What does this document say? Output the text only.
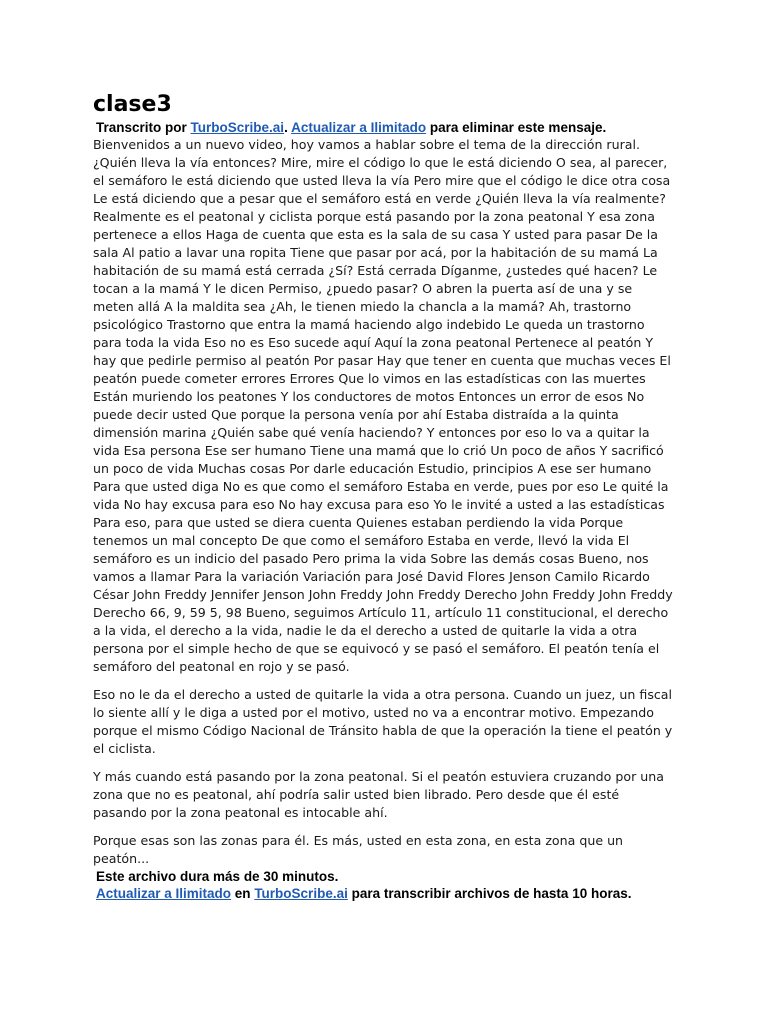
clase3
Transcrito por TurboScribe.ai. Actualizar a Ilimitado para eliminar este mensaje.

Bienvenidos a un nuevo video, hoy vamos a hablar sobre el tema de la dirección rural. ¿Quién lleva la vía entonces? Mire, mire el código lo que le está diciendo O sea, al parecer, el semáforo le está diciendo que usted lleva la vía Pero mire que el código le dice otra cosa Le está diciendo que a pesar que el semáforo está en verde ¿Quién lleva la vía realmente? Realmente es el peatonal y ciclista porque está pasando por la zona peatonal Y esa zona pertenece a ellos Haga de cuenta que esta es la sala de su casa Y usted para pasar De la sala Al patio a lavar una ropita Tiene que pasar por acá, por la habitación de su mamá La habitación de su mamá está cerrada ¿Sí? Está cerrada Díganme, ¿ustedes qué hacen? Le tocan a la mamá Y le dicen Permiso, ¿puedo pasar? O abren la puerta así de una y se meten allá A la maldita sea ¿Ah, le tienen miedo la chancla a la mamá? Ah, trastorno psicológico Trastorno que entra la mamá haciendo algo indebido Le queda un trastorno para toda la vida Eso no es Eso sucede aquí Aquí la zona peatonal Pertenece al peatón Y hay que pedirle permiso al peatón Por pasar Hay que tener en cuenta que muchas veces El peatón puede cometer errores Errores Que lo vimos en las estadísticas con las muertes Están muriendo los peatones Y los conductores de motos Entonces un error de esos No puede decir usted Que porque la persona venía por ahí Estaba distraída a la quinta dimensión marina ¿Quién sabe qué venía haciendo? Y entonces por eso lo va a quitar la vida Esa persona Ese ser humano Tiene una mamá que lo crió Un poco de años Y sacrificó un poco de vida Muchas cosas Por darle educación Estudio, principios A ese ser humano Para que usted diga No es que como el semáforo Estaba en verde, pues por eso Le quité la vida No hay excusa para eso No hay excusa para eso Yo le invité a usted a las estadísticas Para eso, para que usted se diera cuenta Quienes estaban perdiendo la vida Porque tenemos un mal concepto De que como el semáforo Estaba en verde, llevó la vida El semáforo es un indicio del pasado Pero prima la vida Sobre las demás cosas Bueno, nos vamos a llamar Para la variación Variación para José David Flores Jenson Camilo Ricardo César John Freddy Jennifer Jenson John Freddy John Freddy Derecho John Freddy John Freddy Derecho 66, 9, 59 5, 98 Bueno, seguimos Artículo 11, artículo 11 constitucional, el derecho a la vida, el derecho a la vida, nadie le da el derecho a usted de quitarle la vida a otra persona por el simple hecho de que se equivocó y se pasó el semáforo. El peatón tenía el semáforo del peatonal en rojo y se pasó.

Eso no le da el derecho a usted de quitarle la vida a otra persona. Cuando un juez, un fiscal lo siente allí y le diga a usted por el motivo, usted no va a encontrar motivo. Empezando porque el mismo Código Nacional de Tránsito habla de que la operación la tiene el peatón y el ciclista.

Y más cuando está pasando por la zona peatonal. Si el peatón estuviera cruzando por una zona que no es peatonal, ahí podría salir usted bien librado. Pero desde que él esté pasando por la zona peatonal es intocable ahí.

Porque esas son las zonas para él. Es más, usted en esta zona, en esta zona que un peatón...

Este archivo dura más de 30 minutos.
Actualizar a Ilimitado en TurboScribe.ai para transcribir archivos de hasta 10 horas.
